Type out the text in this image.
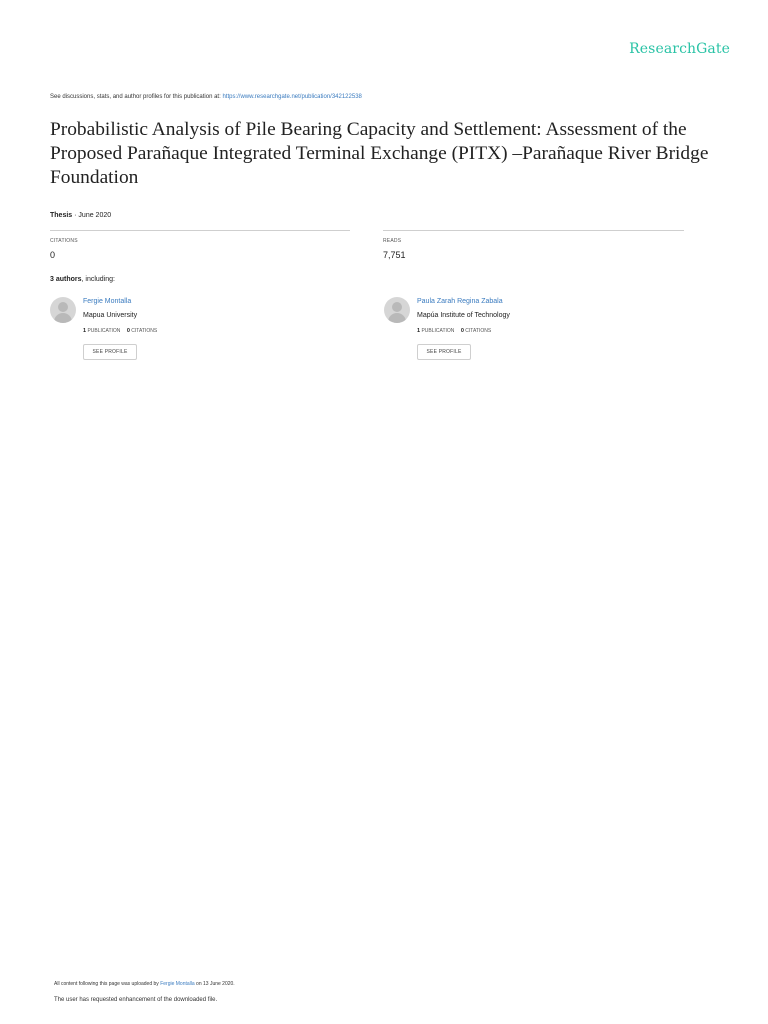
ResearchGate
See discussions, stats, and author profiles for this publication at: https://www.researchgate.net/publication/342122538
Probabilistic Analysis of Pile Bearing Capacity and Settlement: Assessment of the Proposed Parañaque Integrated Terminal Exchange (PITX) –Parañaque River Bridge Foundation
Thesis · June 2020
CITATIONS
0
READS
7,751
3 authors, including:
Fergie Montalla
Mapua University
1 PUBLICATION 0 CITATIONS
SEE PROFILE
Paula Zarah Regina Zabala
Mapúa Institute of Technology
1 PUBLICATION 0 CITATIONS
SEE PROFILE
All content following this page was uploaded by Fergie Montalla on 13 June 2020.
The user has requested enhancement of the downloaded file.
